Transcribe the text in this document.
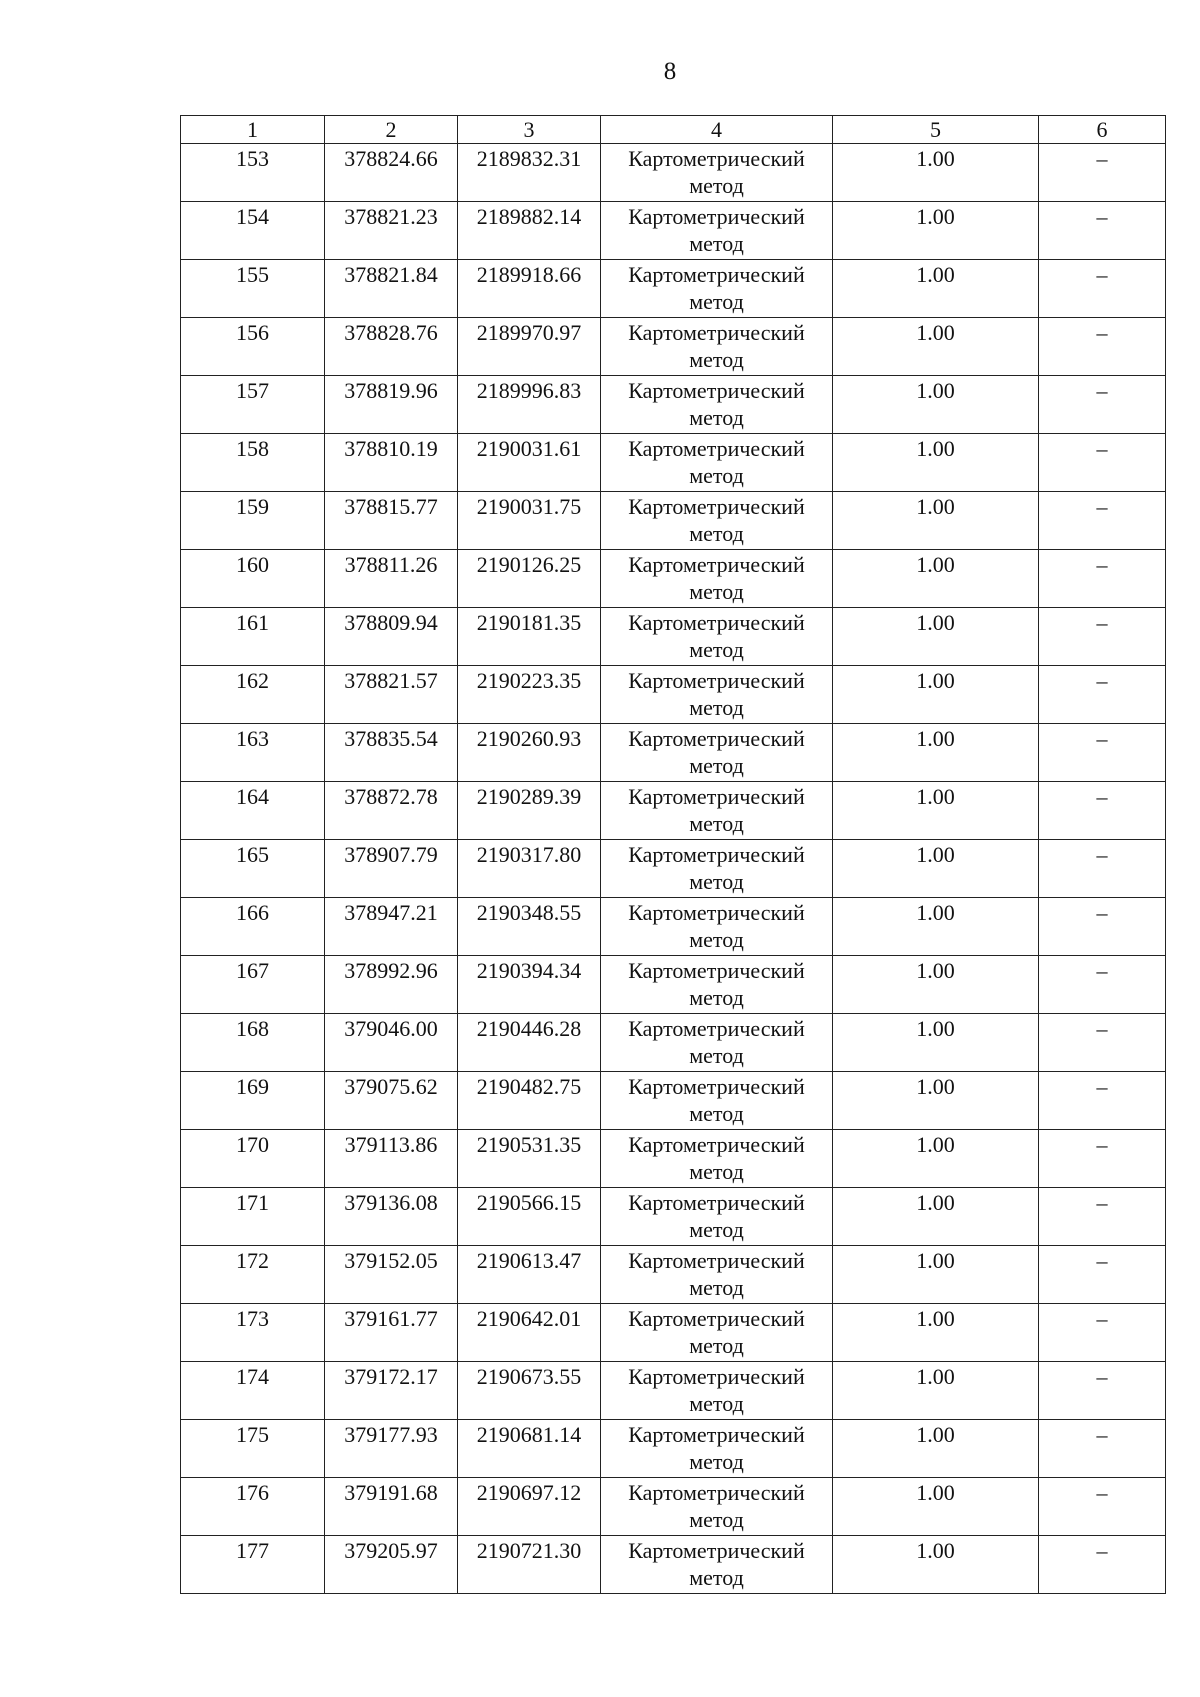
8
1	2	3	4	5	6
153	378824.66	2189832.31	Картометрический
метод	1.00	–
154	378821.23	2189882.14	Картометрический
метод	1.00	–
155	378821.84	2189918.66	Картометрический
метод	1.00	–
156	378828.76	2189970.97	Картометрический
метод	1.00	–
157	378819.96	2189996.83	Картометрический
метод	1.00	–
158	378810.19	2190031.61	Картометрический
метод	1.00	–
159	378815.77	2190031.75	Картометрический
метод	1.00	–
160	378811.26	2190126.25	Картометрический
метод	1.00	–
161	378809.94	2190181.35	Картометрический
метод	1.00	–
162	378821.57	2190223.35	Картометрический
метод	1.00	–
163	378835.54	2190260.93	Картометрический
метод	1.00	–
164	378872.78	2190289.39	Картометрический
метод	1.00	–
165	378907.79	2190317.80	Картометрический
метод	1.00	–
166	378947.21	2190348.55	Картометрический
метод	1.00	–
167	378992.96	2190394.34	Картометрический
метод	1.00	–
168	379046.00	2190446.28	Картометрический
метод	1.00	–
169	379075.62	2190482.75	Картометрический
метод	1.00	–
170	379113.86	2190531.35	Картометрический
метод	1.00	–
171	379136.08	2190566.15	Картометрический
метод	1.00	–
172	379152.05	2190613.47	Картометрический
метод	1.00	–
173	379161.77	2190642.01	Картометрический
метод	1.00	–
174	379172.17	2190673.55	Картометрический
метод	1.00	–
175	379177.93	2190681.14	Картометрический
метод	1.00	–
176	379191.68	2190697.12	Картометрический
метод	1.00	–
177	379205.97	2190721.30	Картометрический
метод	1.00	–
